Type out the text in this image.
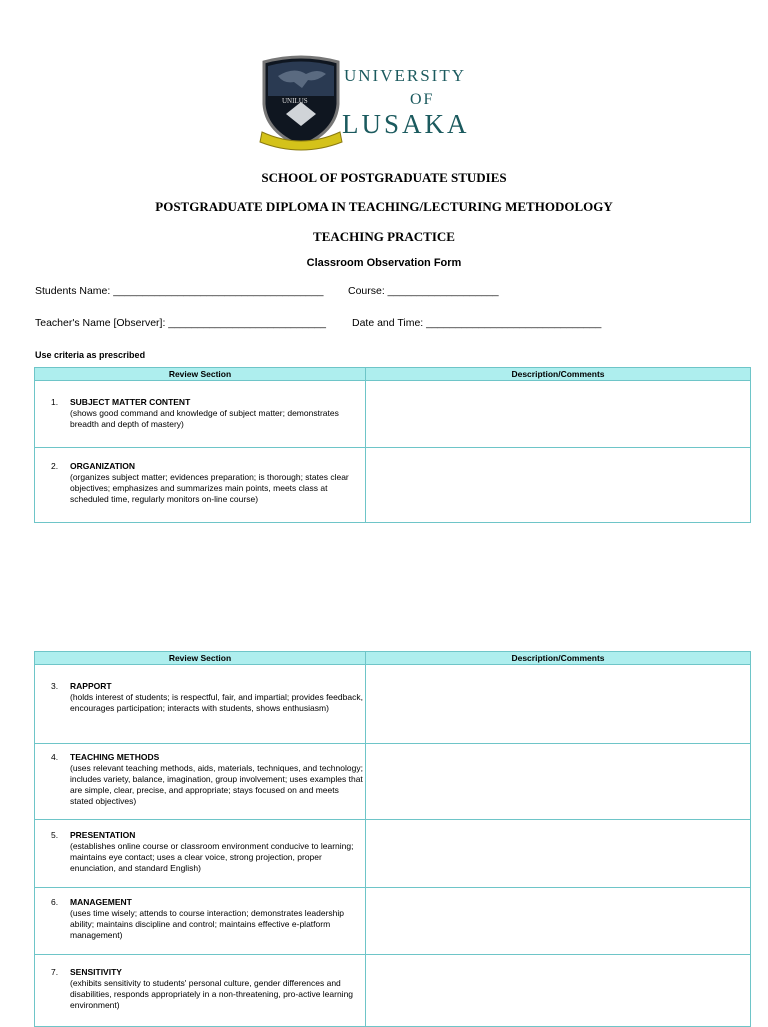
UNILUS
UNIVERSITY
OF
LUSAKA
SCHOOL OF POSTGRADUATE STUDIES
POSTGRADUATE DIPLOMA IN TEACHING/LECTURING METHODOLOGY
TEACHING PRACTICE
Classroom Observation Form
Students Name: ____________________________________ Course: ___________________
Teacher's Name [Observer]: ___________________________ Date and Time: ______________________________
Use criteria as prescribed
Review Section	Description/Comments

1. SUBJECT MATTER CONTENT
(shows good command and knowledge of subject matter; demonstrates breadth and depth of mastery)	

2. ORGANIZATION
(organizes subject matter; evidences preparation; is thorough; states clear objectives; emphasizes and summarizes main points, meets class at scheduled time, regularly monitors on-line course)	

Review Section	Description/Comments

3. RAPPORT
(holds interest of students; is respectful, fair, and impartial; provides feedback, encourages participation; interacts with students, shows enthusiasm)	

4. TEACHING METHODS
(uses relevant teaching methods, aids, materials, techniques, and technology; includes variety, balance, imagination, group involvement; uses examples that are simple, clear, precise, and appropriate; stays focused on and meets stated objectives)	

5. PRESENTATION
(establishes online course or classroom environment conducive to learning; maintains eye contact; uses a clear voice, strong projection, proper enunciation, and standard English)	

6. MANAGEMENT
(uses time wisely; attends to course interaction; demonstrates leadership ability; maintains discipline and control; maintains effective e-platform management)	

7. SENSITIVITY
(exhibits sensitivity to students' personal culture, gender differences and disabilities, responds appropriately in a non-threatening, pro-active learning environment)	
